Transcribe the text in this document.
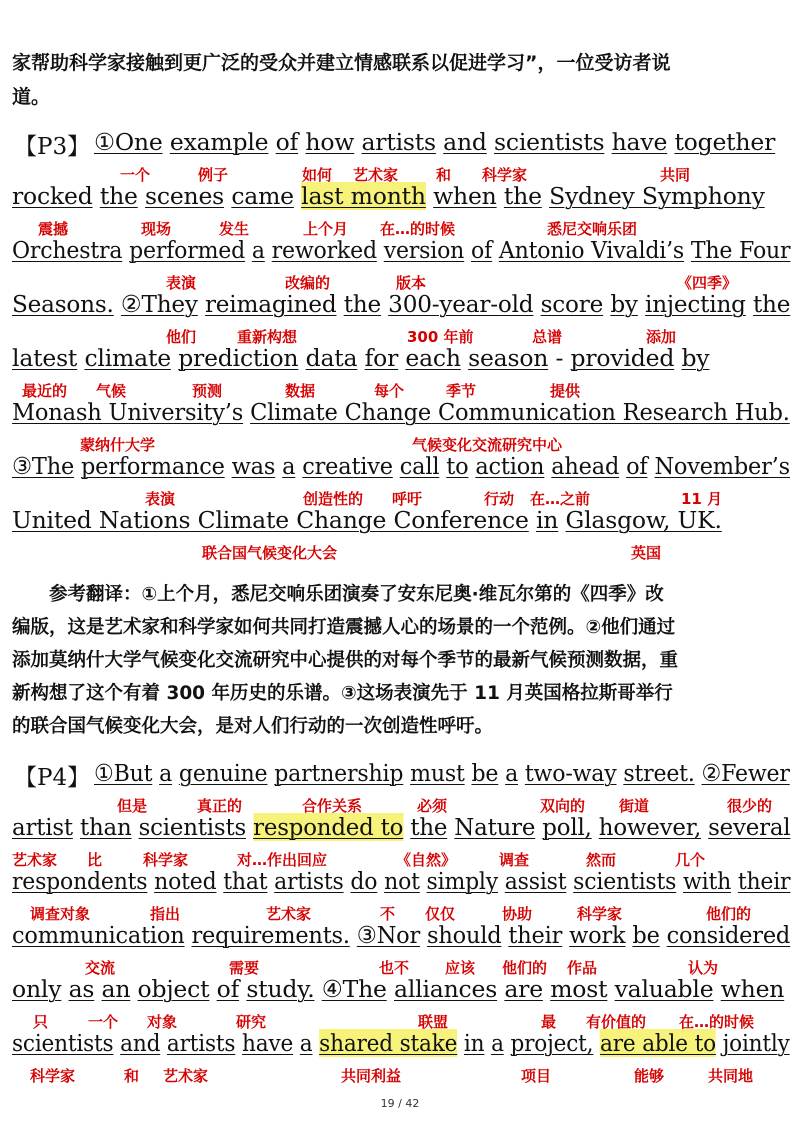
家帮助科学家接触到更广泛的受众并建立情感联系以促进学习”，一位受访者说
道。
【P3】 ①One example of how artists and scientists have together
rocked the scenes came last month when the Sydney Symphony
Orchestra performed a reworked version of Antonio Vivaldi’s The Four
Seasons. ②They reimagined the 300-year-old score by injecting the
latest climate prediction data for each season - provided by
Monash University’s Climate Change Communication Research Hub.
③The performance was a creative call to action ahead of November’s
United Nations Climate Change Conference in Glasgow, UK.
一个	例子	如何 艺术家	和 科学家	共同
震撼	现场	发生	上个月 在…的时候	悉尼交响乐团
表演	改编的	版本	《四季》
他们	重新构想	300 年前	总谱	添加
最近的 气候	预测	数据	每个	季节	提供
蒙纳什大学	气候变化交流研究中心
表演	创造性的 呼吁	行动 在…之前	11 月
联合国气候变化大会	英国
　　参考翻译：①上个月，悉尼交响乐团演奏了安东尼奥·维瓦尔第的《四季》改
编版，这是艺术家和科学家如何共同打造震撼人心的场景的一个范例。②他们通过
添加莫纳什大学气候变化交流研究中心提供的对每个季节的最新气候预测数据，重
新构想了这个有着 300 年历史的乐谱。③这场表演先于 11 月英国格拉斯哥举行
的联合国气候变化大会，是对人们行动的一次创造性呼吁。
【P4】 ①But a genuine partnership must be a two-way street. ②Fewer
artist than scientists responded to the Nature poll, however, several
respondents noted that artists do not simply assist scientists with their
communication requirements. ③Nor should their work be considered
only as an object of study. ④The alliances are most valuable when
scientists and artists have a shared stake in a project, are able to jointly
但是	真正的	合作关系	必须	双向的 街道	很少的
艺术家 比	科学家	对…作出回应	《自然》	调查	然而	几个
调查对象	指出	艺术家	不 仅仅	协助	科学家	他们的
交流	需要	也不 应该 他们的 作品	认为
只	一个 对象	研究	联盟	最 有价值的 在…的时候
科学家	和 艺术家	共同利益	项目	能够	共同地
19 / 42
